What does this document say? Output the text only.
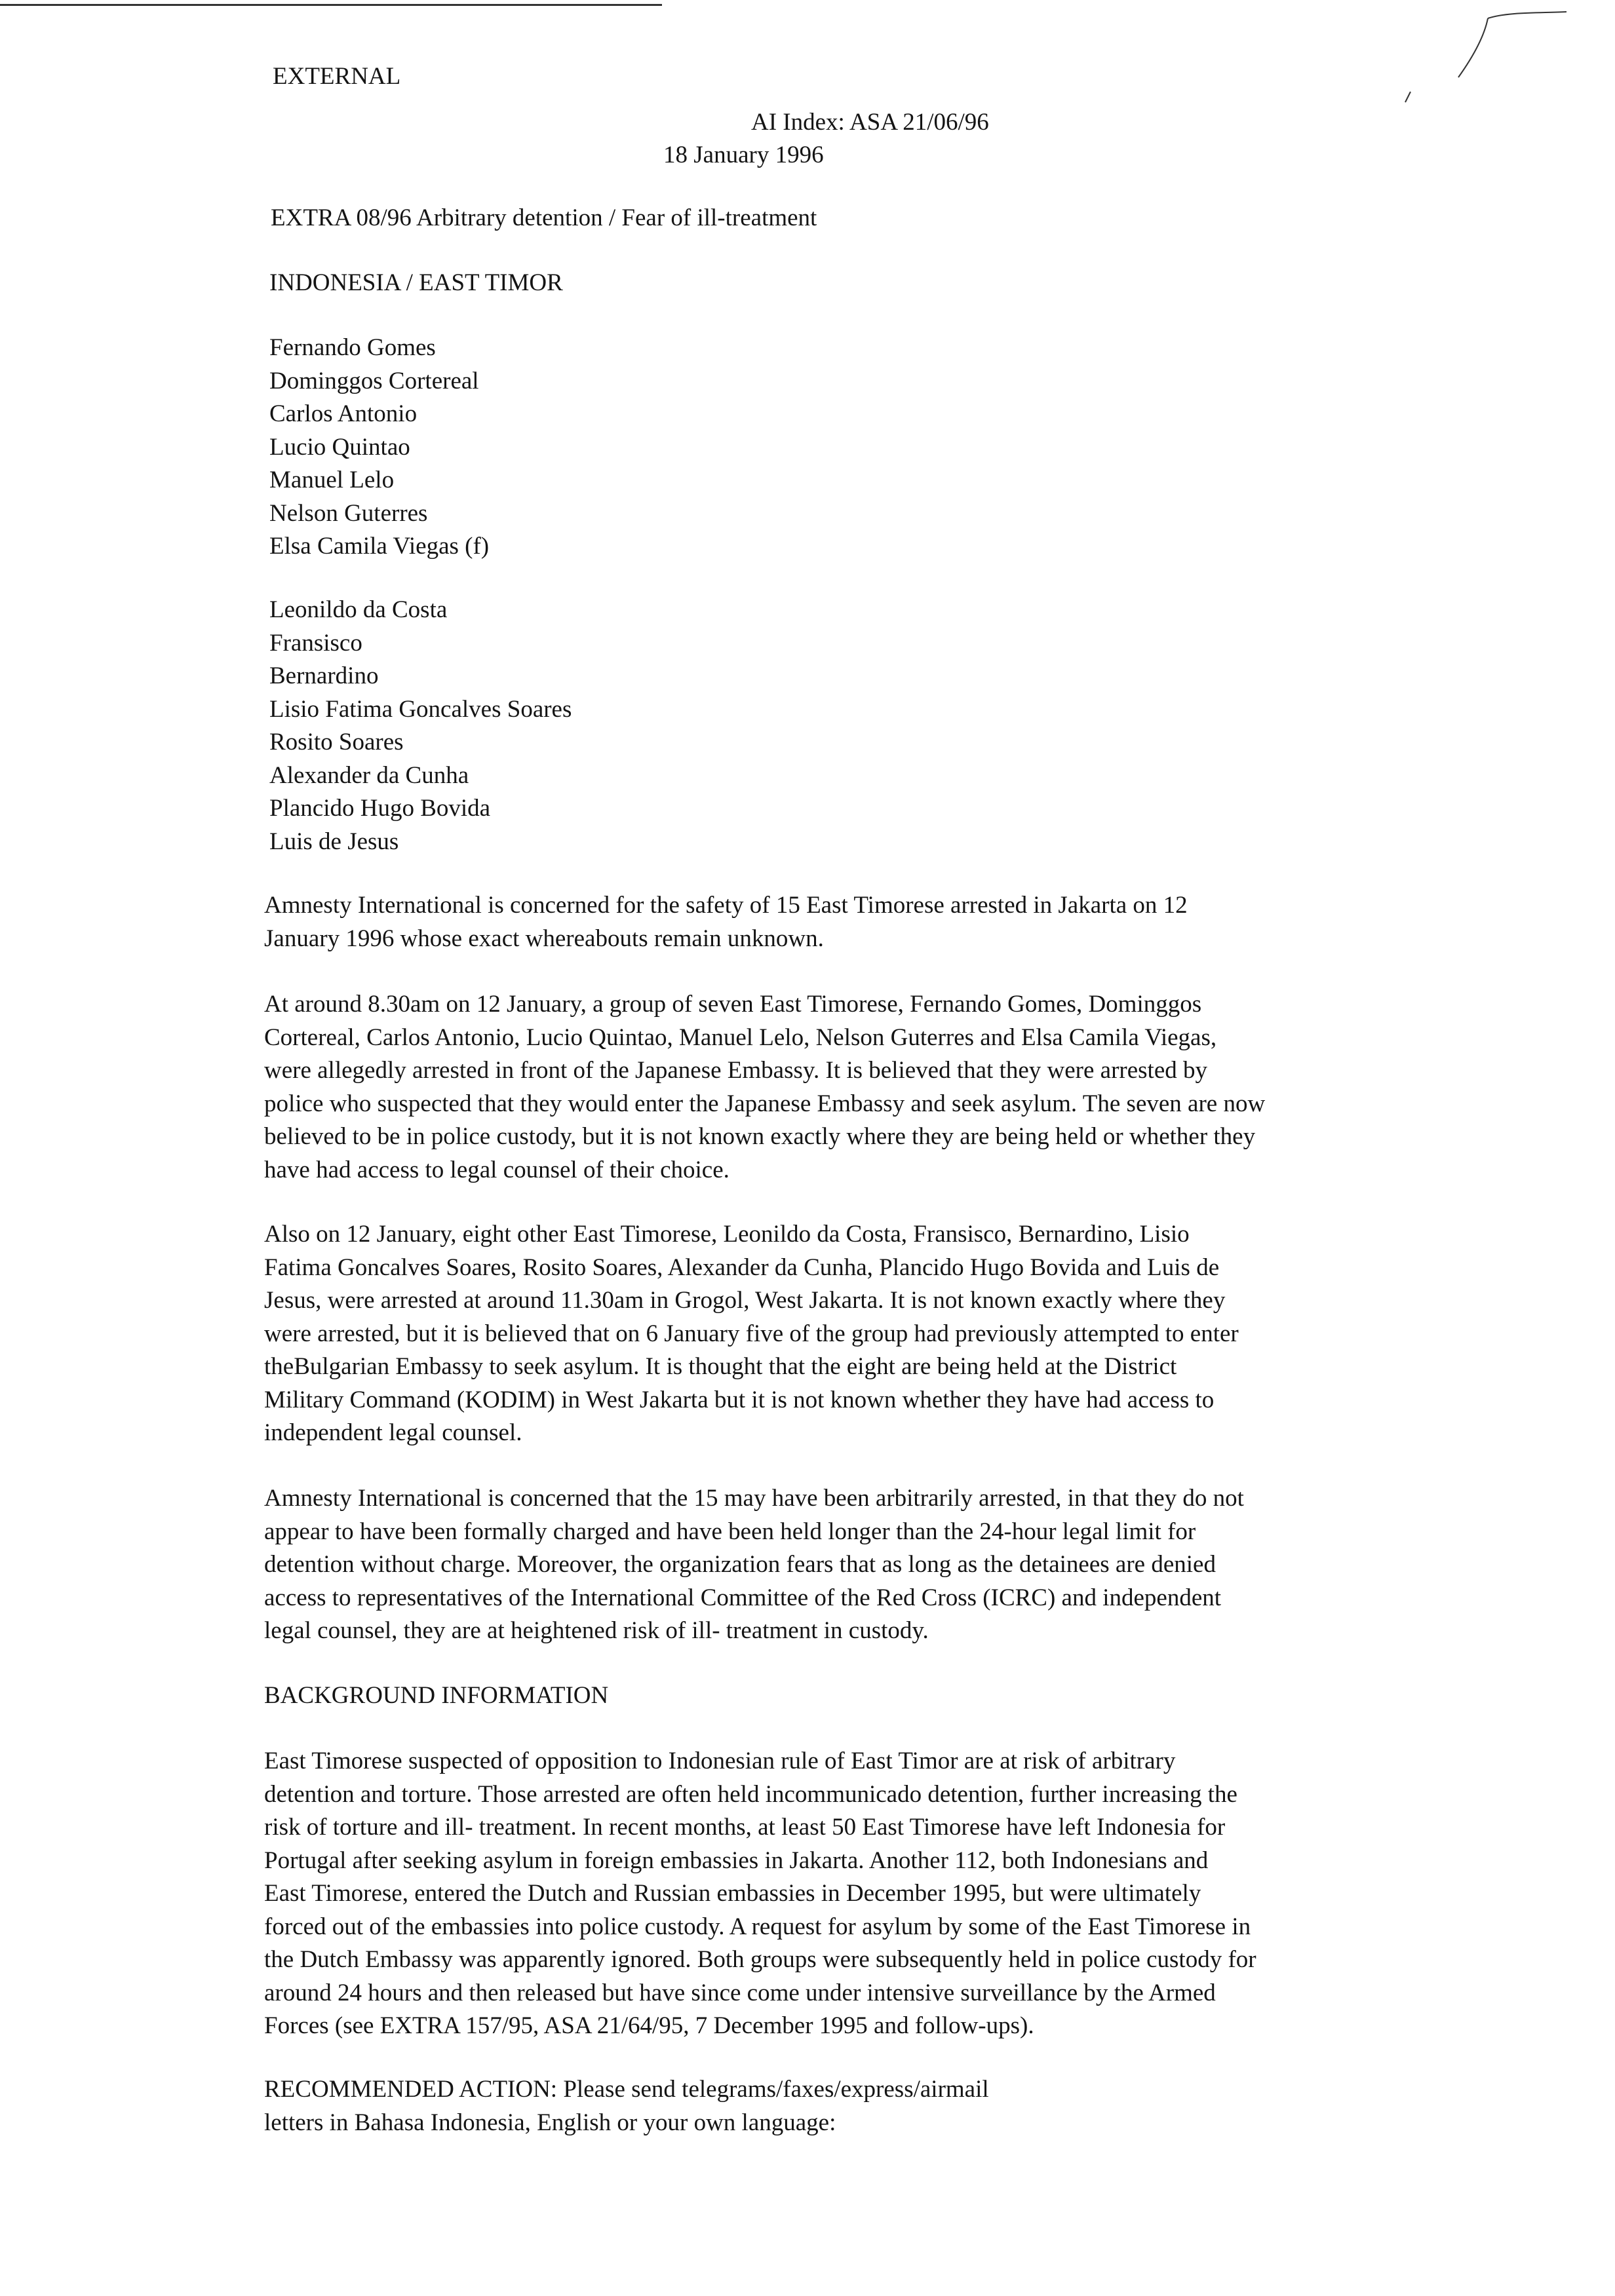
EXTERNAL
AI Index: ASA 21/06/96
18 January 1996
EXTRA 08/96 Arbitrary detention / Fear of ill-treatment
INDONESIA / EAST TIMOR
Fernando Gomes
Dominggos Cortereal
Carlos Antonio
Lucio Quintao
Manuel Lelo
Nelson Guterres
Elsa Camila Viegas (f)
Leonildo da Costa
Fransisco
Bernardino
Lisio Fatima Goncalves Soares
Rosito Soares
Alexander da Cunha
Plancido Hugo Bovida
Luis de Jesus
Amnesty International is concerned for the safety of 15 East Timorese arrested in Jakarta on 12
January 1996 whose exact whereabouts remain unknown.
At around 8.30am on 12 January, a group of seven East Timorese, Fernando Gomes, Dominggos
Cortereal, Carlos Antonio, Lucio Quintao, Manuel Lelo, Nelson Guterres and Elsa Camila Viegas,
were allegedly arrested in front of the Japanese Embassy. It is believed that they were arrested by
police who suspected that they would enter the Japanese Embassy and seek asylum. The seven are now
believed to be in police custody, but it is not known exactly where they are being held or whether they
have had access to legal counsel of their choice.
Also on 12 January, eight other East Timorese, Leonildo da Costa, Fransisco, Bernardino, Lisio
Fatima Goncalves Soares, Rosito Soares, Alexander da Cunha, Plancido Hugo Bovida and Luis de
Jesus, were arrested at around 11.30am in Grogol, West Jakarta. It is not known exactly where they
were arrested, but it is believed that on 6 January five of the group had previously attempted to enter
theBulgarian Embassy to seek asylum. It is thought that the eight are being held at the District
Military Command (KODIM) in West Jakarta but it is not known whether they have had access to
independent legal counsel.
Amnesty International is concerned that the 15 may have been arbitrarily arrested, in that they do not
appear to have been formally charged and have been held longer than the 24-hour legal limit for
detention without charge. Moreover, the organization fears that as long as the detainees are denied
access to representatives of the International Committee of the Red Cross (ICRC) and independent
legal counsel, they are at heightened risk of ill- treatment in custody.
BACKGROUND INFORMATION
East Timorese suspected of opposition to Indonesian rule of East Timor are at risk of arbitrary
detention and torture. Those arrested are often held incommunicado detention, further increasing the
risk of torture and ill- treatment. In recent months, at least 50 East Timorese have left Indonesia for
Portugal after seeking asylum in foreign embassies in Jakarta. Another 112, both Indonesians and
East Timorese, entered the Dutch and Russian embassies in December 1995, but were ultimately
forced out of the embassies into police custody. A request for asylum by some of the East Timorese in
the Dutch Embassy was apparently ignored. Both groups were subsequently held in police custody for
around 24 hours and then released but have since come under intensive surveillance by the Armed
Forces (see EXTRA 157/95, ASA 21/64/95, 7 December 1995 and follow-ups).
RECOMMENDED ACTION: Please send telegrams/faxes/express/airmail
letters in Bahasa Indonesia, English or your own language:
